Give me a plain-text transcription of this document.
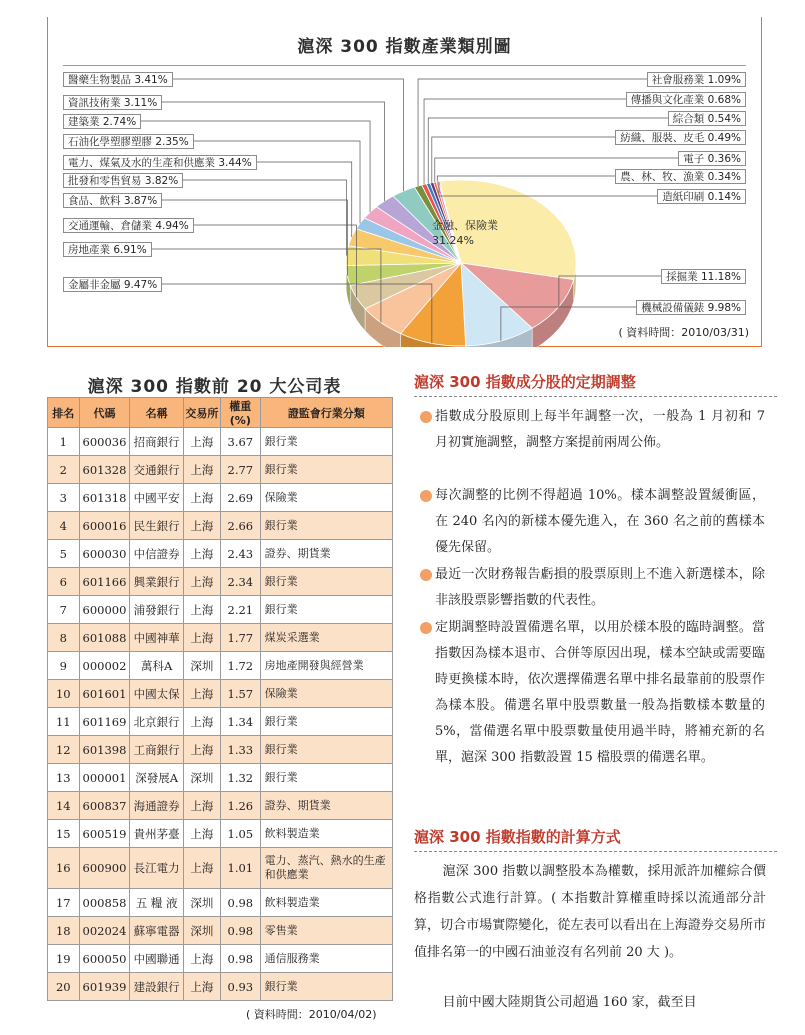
滬深 300 指數產業類別圖
醫藥生物製品 3.41%
資訊技術業 3.11%
建築業 2.74%
石油化學塑膠塑膠 2.35%
電力、煤氣及水的生產和供應業 3.44%
批發和零售貿易 3.82%
食品、飲料 3.87%
交通運輸、倉儲業 4.94%
房地產業 6.91%
金屬非金屬 9.47%
社會服務業 1.09%
傳播與文化產業 0.68%
綜合類 0.54%
紡織、服裝、皮毛 0.49%
電子 0.36%
農、林、牧、漁業 0.34%
造紙印刷 0.14%
採掘業 11.18%
機械設備儀錶 9.98%
金融、保險業
31.24%
( 資料時間：2010/03/31)
滬深 300 指數前 20 大公司表
排名	代碼	名稱	交易所	權重 (%)	證監會行業分類
1	600036	招商銀行	上海	3.67	銀行業
2	601328	交通銀行	上海	2.77	銀行業
3	601318	中國平安	上海	2.69	保險業
4	600016	民生銀行	上海	2.66	銀行業
5	600030	中信證券	上海	2.43	證券、期貨業
6	601166	興業銀行	上海	2.34	銀行業
7	600000	浦發銀行	上海	2.21	銀行業
8	601088	中國神華	上海	1.77	煤炭采選業
9	000002	萬科A	深圳	1.72	房地產開發與經營業
10	601601	中國太保	上海	1.57	保險業
11	601169	北京銀行	上海	1.34	銀行業
12	601398	工商銀行	上海	1.33	銀行業
13	000001	深發展A	深圳	1.32	銀行業
14	600837	海通證券	上海	1.26	證券、期貨業
15	600519	貴州茅臺	上海	1.05	飲料製造業
16	600900	長江電力	上海	1.01	電力、蒸汽、熱水的生產和供應業
17	000858	五 糧 液	深圳	0.98	飲料製造業
18	002024	蘇寧電器	深圳	0.98	零售業
19	600050	中國聯通	上海	0.98	通信服務業
20	601939	建設銀行	上海	0.93	銀行業
( 資料時間：2010/04/02)
滬深 300 指數成分股的定期調整
指數成分股原則上每半年調整一次，一般為 1 月初和 7 月初實施調整，調整方案提前兩周公佈。
每次調整的比例不得超過 10%。樣本調整設置緩衝區，在 240 名內的新樣本優先進入，在 360 名之前的舊樣本優先保留。
最近一次財務報告虧損的股票原則上不進入新選樣本，除非該股票影響指數的代表性。
定期調整時設置備選名單，以用於樣本股的臨時調整。當指數因為樣本退市、合併等原因出現，樣本空缺或需要臨時更換樣本時，依次選擇備選名單中排名最靠前的股票作為樣本股。備選名單中股票數量一般為指數樣本數量的 5%，當備選名單中股票數量使用過半時，將補充新的名單，滬深 300 指數設置 15 檔股票的備選名單。
滬深 300 指數指數的計算方式
滬深 300 指數以調整股本為權數，採用派許加權綜合價格指數公式進行計算。( 本指數計算權重時採以流通部分計算，切合市場實際變化，從左表可以看出在上海證券交易所市值排名第一的中國石油並沒有名列前 20 大 )。
目前中國大陸期貨公司超過 160 家，截至目
